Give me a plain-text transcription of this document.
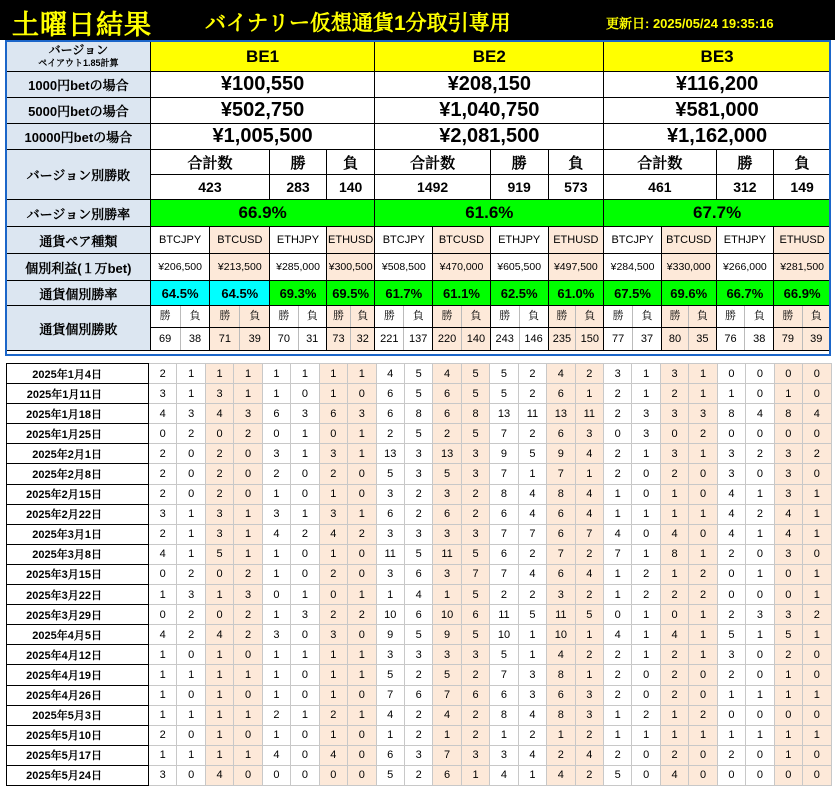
土曜日結果	バイナリー仮想通貨1分取引専用	更新日: 2025/05/24 19:35:16
バージョン
ペイアウト1.85計算	BE1				BE2				BE3			
1000円betの場合	¥100,550				¥208,150				¥116,200			
5000円betの場合	¥502,750				¥1,040,750				¥581,000			
10000円betの場合	¥1,005,500				¥2,081,500				¥1,162,000			
バージョン別勝敗	合計数		勝	負	合計数		勝	負	合計数		勝	負
	423		283	140	1492		919	573	461		312	149
バージョン別勝率	66.9%				61.6%				67.7%			
通貨ペア種類	BTCJPY	BTCUSD	ETHJPY	ETHUSD	BTCJPY	BTCUSD	ETHJPY	ETHUSD	BTCJPY	BTCUSD	ETHJPY	ETHUSD
個別利益(１万bet)	¥206,500	¥213,500	¥285,000	¥300,500	¥508,500	¥470,000	¥605,500	¥497,500	¥284,500	¥330,000	¥266,000	¥281,500
通貨個別勝率	64.5%	64.5%	69.3%	69.5%	61.7%	61.1%	62.5%	61.0%	67.5%	69.6%	66.7%	66.9%
通貨個別勝敗	勝 負	勝 負	勝 負	勝 負	勝 負	勝 負	勝 負	勝 負	勝 負	勝 負	勝 負	勝 負

	69 38	71 39	70 31	73 32	221 137	220 140	243 146	235 150	77 37	80 35	76 38	79 39
2025年1月4日	2	1	1	1	1	1	1	1	4	5	4	5	5	2	4	2	3	1	3	1	0	0	0	0
2025年1月11日	3	1	3	1	1	0	1	0	6	5	6	5	5	2	6	1	2	1	2	1	1	0	1	0
2025年1月18日	4	3	4	3	6	3	6	3	6	8	6	8	13	11	13	11	2	3	3	3	8	4	8	4
2025年1月25日	0	2	0	2	0	1	0	1	2	5	2	5	7	2	6	3	0	3	0	2	0	0	0	0
2025年2月1日	2	0	2	0	3	1	3	1	13	3	13	3	9	5	9	4	2	1	3	1	3	2	3	2
2025年2月8日	2	0	2	0	2	0	2	0	5	3	5	3	7	1	7	1	2	0	2	0	3	0	3	0
2025年2月15日	2	0	2	0	1	0	1	0	3	2	3	2	8	4	8	4	1	0	1	0	4	1	3	1
2025年2月22日	3	1	3	1	3	1	3	1	6	2	6	2	6	4	6	4	1	1	1	1	4	2	4	1
2025年3月1日	2	1	3	1	4	2	4	2	3	3	3	3	7	7	6	7	4	0	4	0	4	1	4	1
2025年3月8日	4	1	5	1	1	0	1	0	11	5	11	5	6	2	7	2	7	1	8	1	2	0	3	0
2025年3月15日	0	2	0	2	1	0	2	0	3	6	3	7	7	4	6	4	1	2	1	2	0	1	0	1
2025年3月22日	1	3	1	3	0	1	0	1	1	4	1	5	2	2	3	2	1	2	2	2	0	0	0	1
2025年3月29日	0	2	0	2	1	3	2	2	10	6	10	6	11	5	11	5	0	1	0	1	2	3	3	2
2025年4月5日	4	2	4	2	3	0	3	0	9	5	9	5	10	1	10	1	4	1	4	1	5	1	5	1
2025年4月12日	1	0	1	0	1	1	1	1	3	3	3	3	5	1	4	2	2	1	2	1	3	0	2	0
2025年4月19日	1	1	1	1	1	0	1	1	5	2	5	2	7	3	8	1	2	0	2	0	2	0	1	0
2025年4月26日	1	0	1	0	1	0	1	0	7	6	7	6	6	3	6	3	2	0	2	0	1	1	1	1
2025年5月3日	1	1	1	1	2	1	2	1	4	2	4	2	8	4	8	3	1	2	1	2	0	0	0	0
2025年5月10日	2	0	1	0	1	0	1	0	1	2	1	2	1	2	1	2	1	1	1	1	1	1	1	1
2025年5月17日	1	1	1	1	4	0	4	0	6	3	7	3	3	4	2	4	2	0	2	0	2	0	1	0
2025年5月24日	3	0	4	0	0	0	0	0	5	2	6	1	4	1	4	2	5	0	4	0	0	0	0	0
